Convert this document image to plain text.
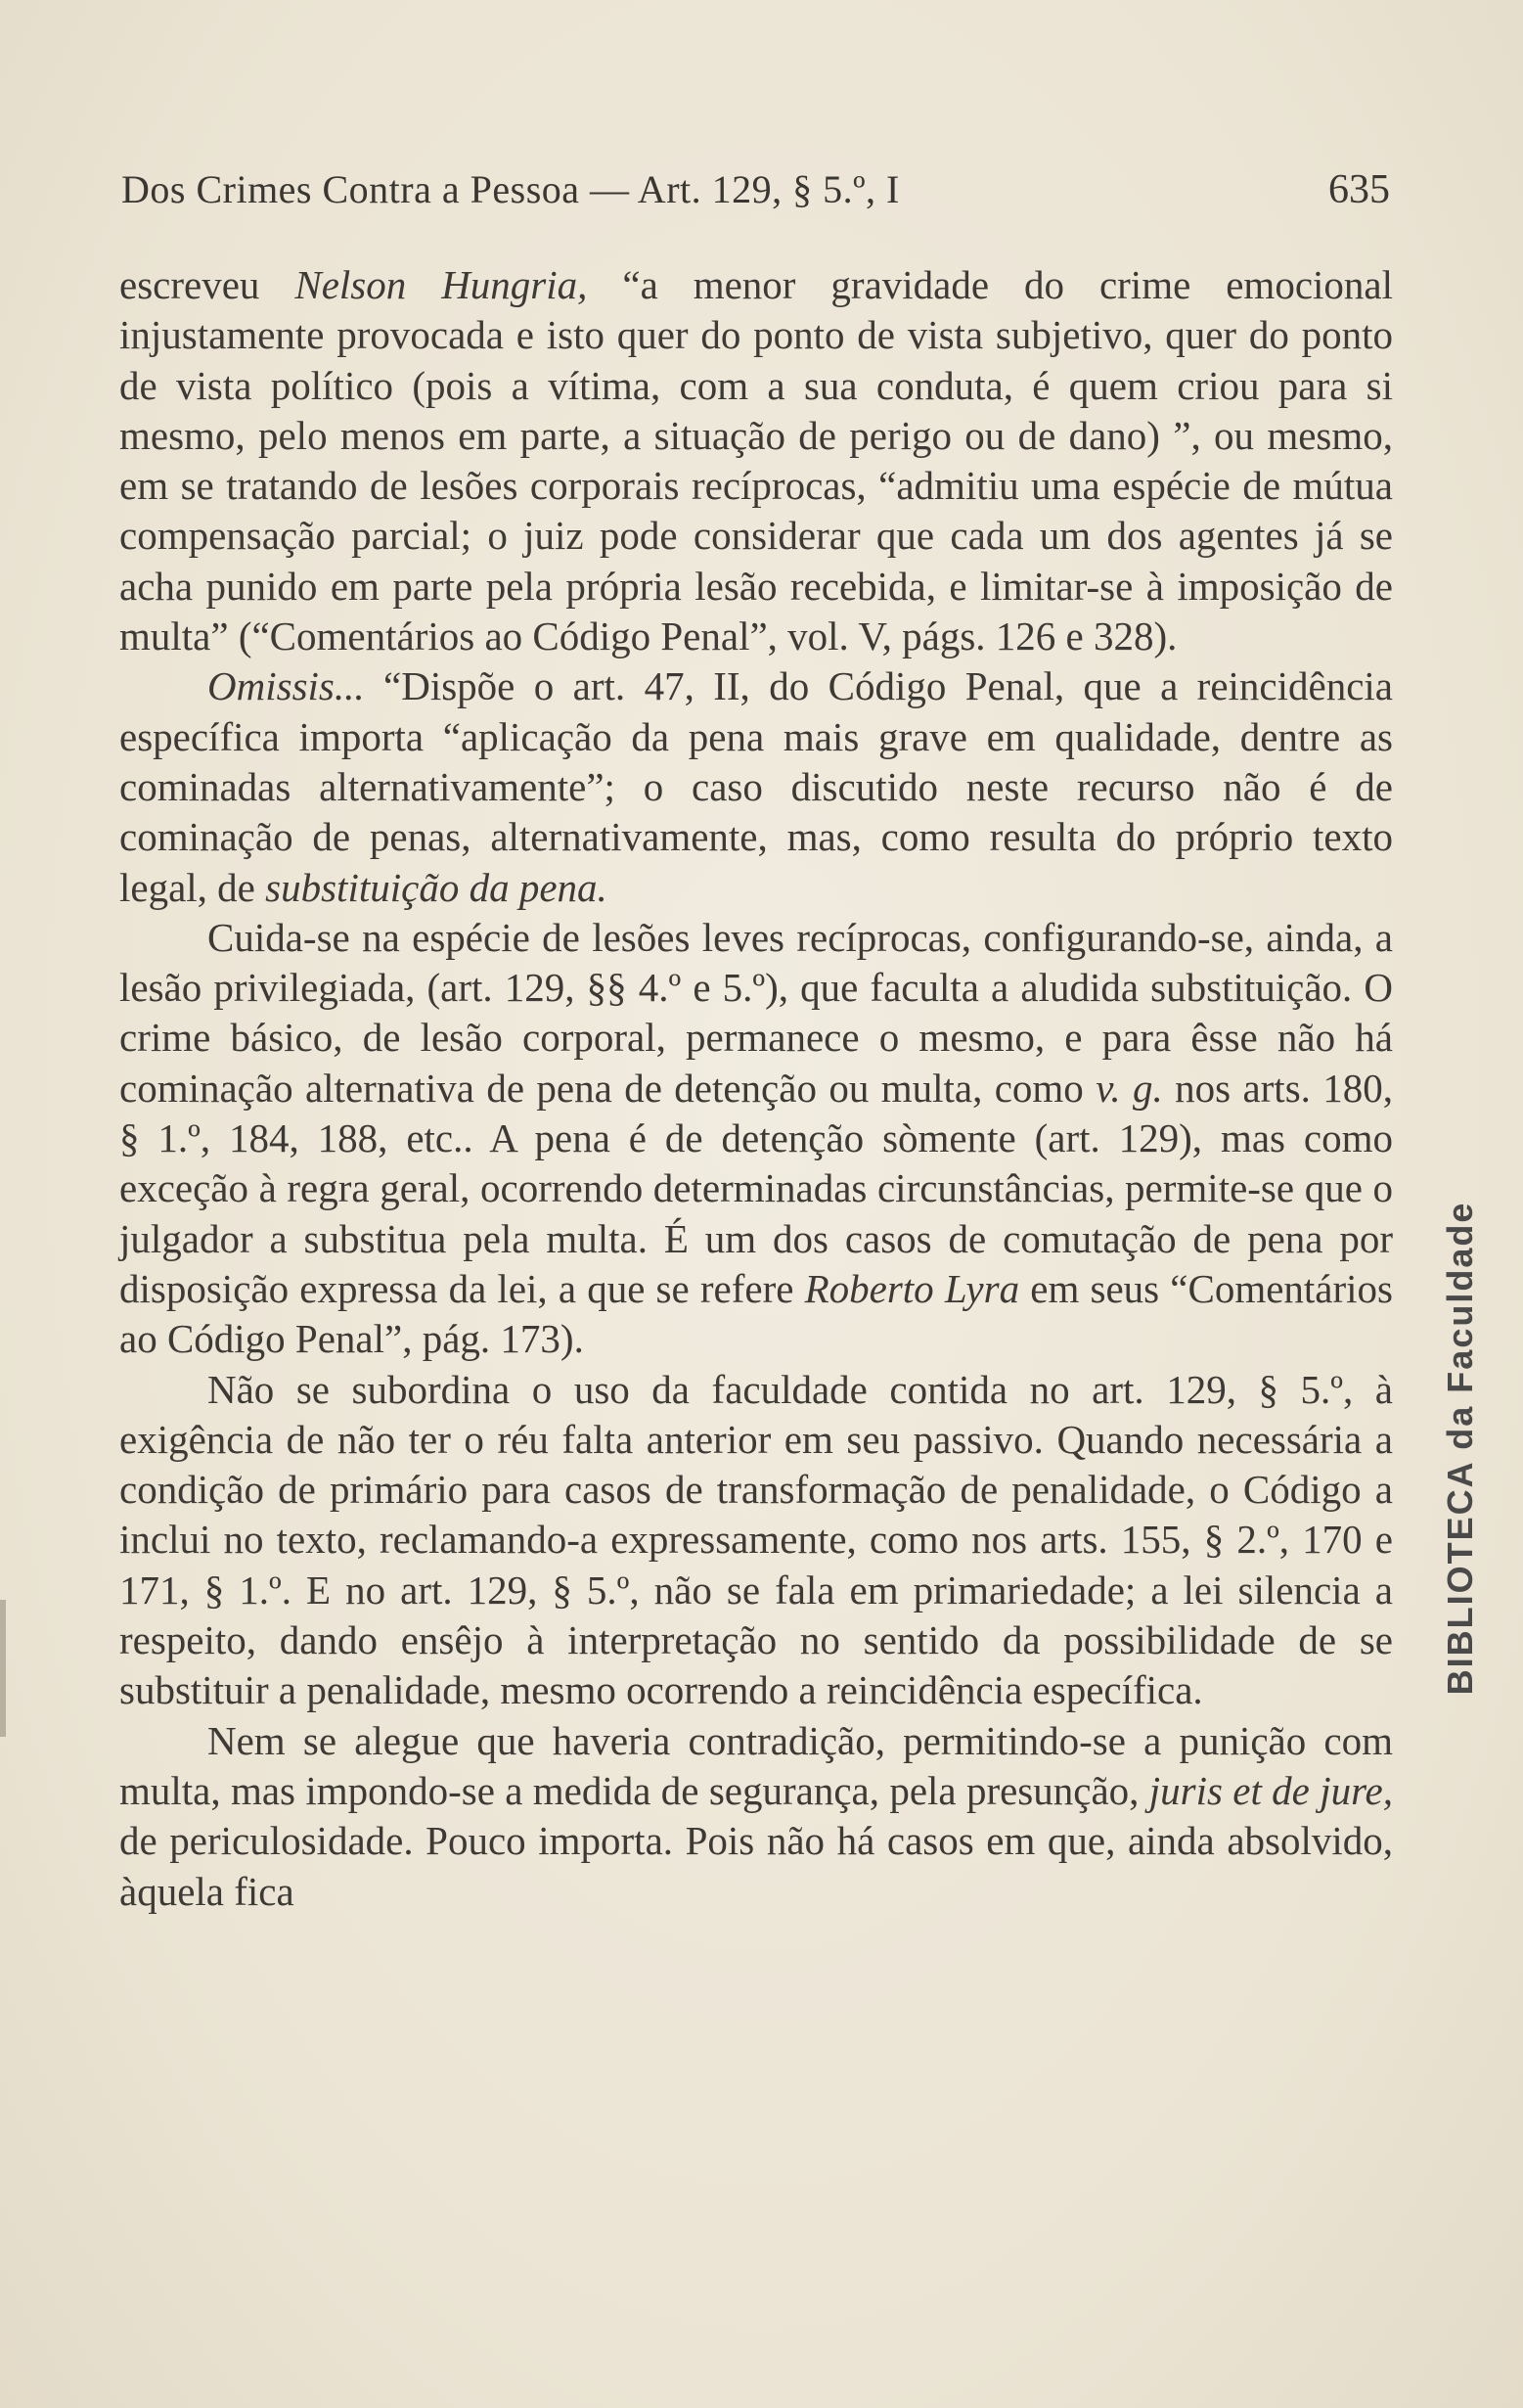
Dos Crimes Contra a Pessoa — Art. 129, § 5.º, I	635

escreveu Nelson Hungria, “a menor gravidade do crime emocional injustamente provocada e isto quer do ponto de vista subjetivo, quer do ponto de vista político (pois a vítima, com a sua conduta, é quem criou para si mesmo, pelo menos em parte, a situação de perigo ou de dano) ”, ou mesmo, em se tratando de lesões corporais recíprocas, “admitiu uma espécie de mútua compensação parcial; o juiz pode considerar que cada um dos agentes já se acha punido em parte pela própria lesão recebida, e limitar-se à imposição de multa” (“Comentários ao Código Penal”, vol. V, págs. 126 e 328).

Omissis... “Dispõe o art. 47, II, do Código Penal, que a reincidência específica importa “aplicação da pena mais grave em qualidade, dentre as cominadas alternativamente”; o caso discutido neste recurso não é de cominação de penas, alternativamente, mas, como resulta do próprio texto legal, de substituição da pena.

Cuida-se na espécie de lesões leves recíprocas, configurando-se, ainda, a lesão privilegiada, (art. 129, §§ 4.º e 5.º), que faculta a aludida substituição. O crime básico, de lesão corporal, permanece o mesmo, e para êsse não há cominação alternativa de pena de detenção ou multa, como v. g. nos arts. 180, § 1.º, 184, 188, etc.. A pena é de detenção sòmente (art. 129), mas como exceção à regra geral, ocorrendo determinadas circunstâncias, permite-se que o julgador a substitua pela multa. É um dos casos de comutação de pena por disposição expressa da lei, a que se refere Roberto Lyra em seus “Comentários ao Código Penal”, pág. 173).

Não se subordina o uso da faculdade contida no art. 129, § 5.º, à exigência de não ter o réu falta anterior em seu passivo. Quando necessária a condição de primário para casos de transformação de penalidade, o Código a inclui no texto, reclamando-a expressamente, como nos arts. 155, § 2.º, 170 e 171, § 1.º. E no art. 129, § 5.º, não se fala em primariedade; a lei silencia a respeito, dando ensêjo à interpretação no sentido da possibilidade de se substituir a penalidade, mesmo ocorrendo a reincidência específica.

Nem se alegue que haveria contradição, permitindo-se a punição com multa, mas impondo-se a medida de segurança, pela presunção, juris et de jure, de periculosidade. Pouco importa. Pois não há casos em que, ainda absolvido, àquela fica

BIBLIOTECA da Faculdade
